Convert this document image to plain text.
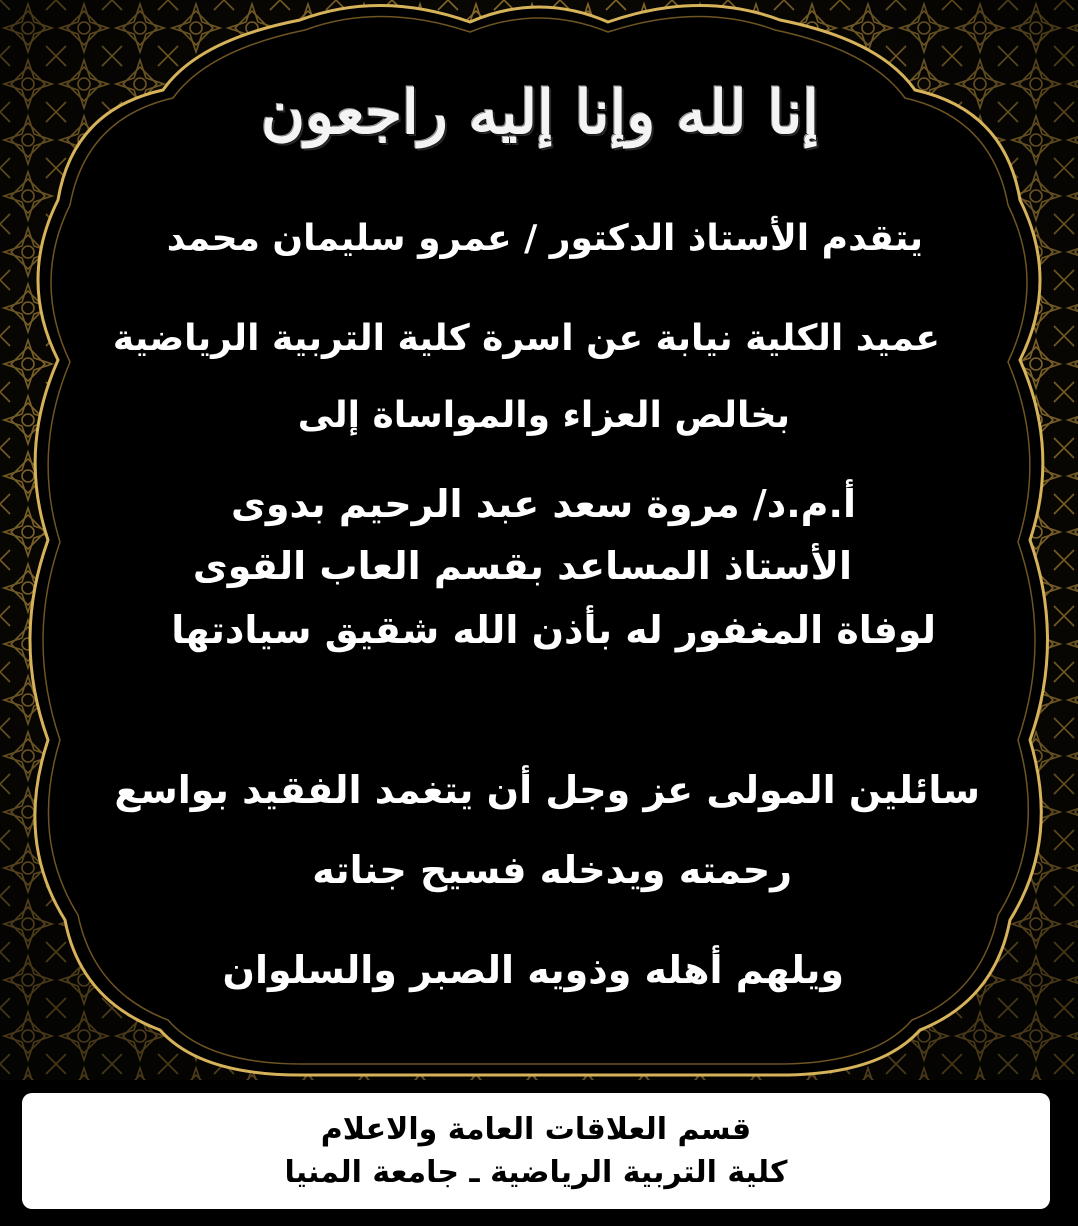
إنا لله وإنا إليه راجعون
يتقدم الأستاذ الدكتور / عمرو سليمان محمد
عميد الكلية نيابة عن اسرة كلية التربية الرياضية
بخالص العزاء والمواساة إلى
أ.م.د/ مروة سعد عبد الرحيم بدوى
الأستاذ المساعد بقسم العاب القوى
لوفاة المغفور له بأذن الله شقيق سيادتها
سائلين المولى عز وجل أن يتغمد الفقيد بواسع
رحمته ويدخله فسيح جناته
ويلهم أهله وذويه الصبر والسلوان
قسم العلاقات العامة والاعلام
كلية التربية الرياضية ـ جامعة المنيا
